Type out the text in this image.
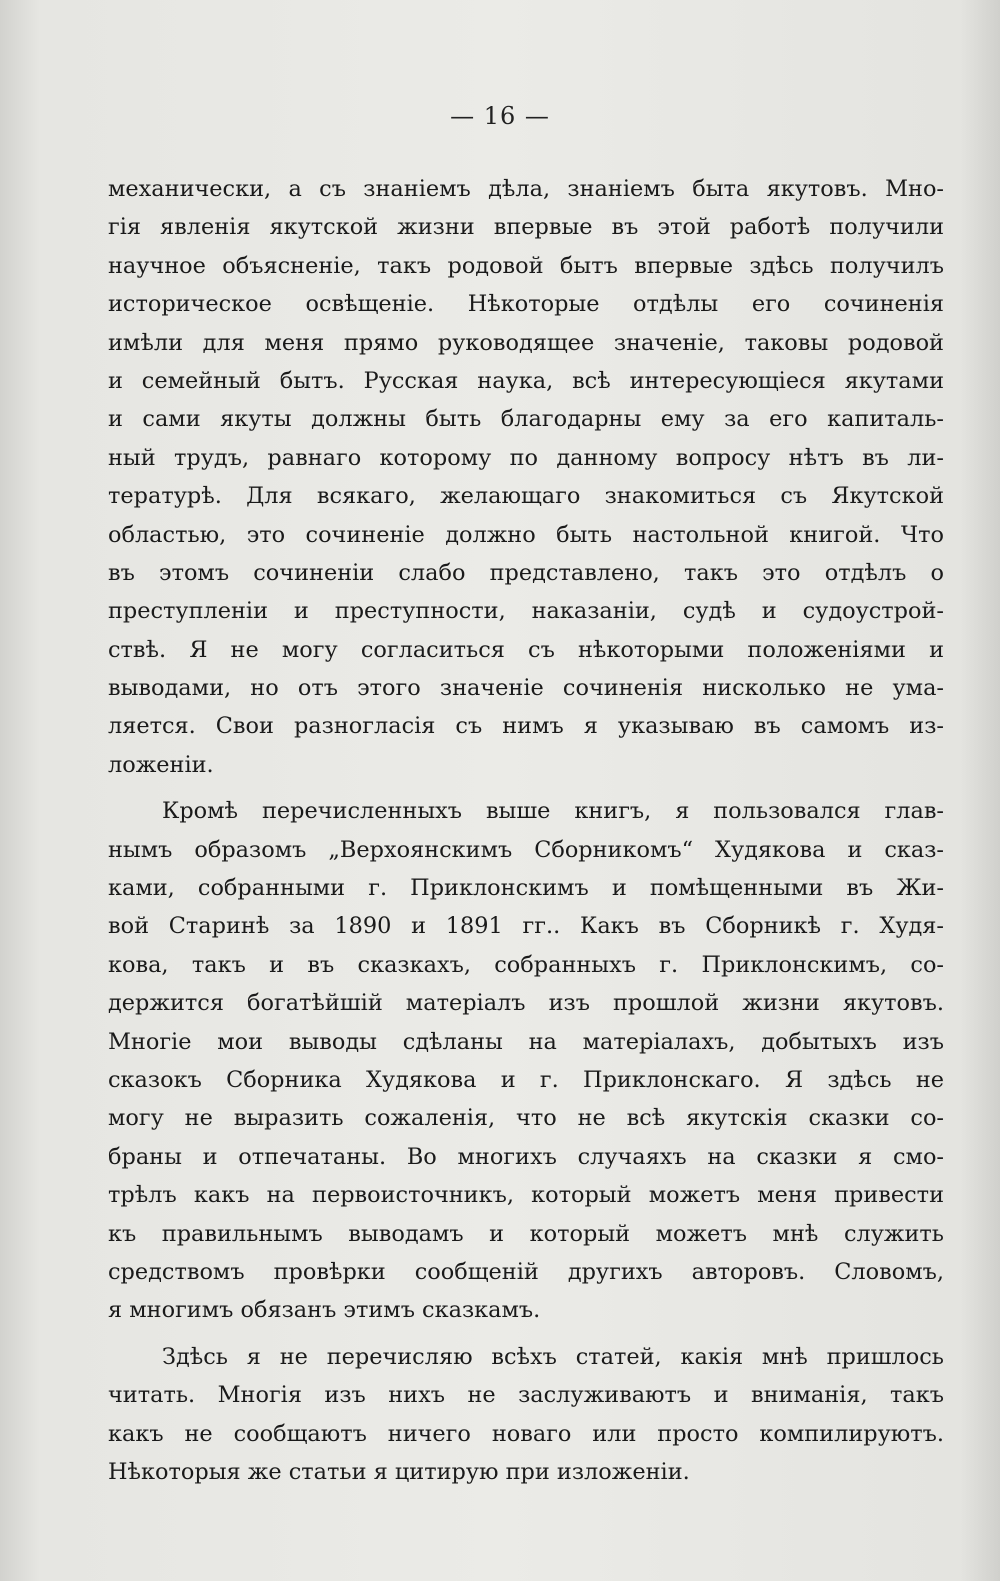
— 16 —
механически, а съ знаніемъ дѣла, знаніемъ быта якутовъ. Мно-
гія явленія якутской жизни впервые въ этой работѣ получили
научное объясненіе, такъ родовой бытъ впервые здѣсь получилъ
историческое освѣщеніе. Нѣкоторые отдѣлы его сочиненія
имѣли для меня прямо руководящее значеніе, таковы родовой
и семейный бытъ. Русская наука, всѣ интересующіеся якутами
и сами якуты должны быть благодарны ему за его капиталь-
ный трудъ, равнаго которому по данному вопросу нѣтъ въ ли-
тературѣ. Для всякаго, желающаго знакомиться съ Якутской
областью, это сочиненіе должно быть настольной книгой. Что
въ этомъ сочиненіи слабо представлено, такъ это отдѣлъ о
преступленіи и преступности, наказаніи, судѣ и судоустрой-
ствѣ. Я не могу согласиться съ нѣкоторыми положеніями и
выводами, но отъ этого значеніе сочиненія нисколько не ума-
ляется. Свои разногласія съ нимъ я указываю въ самомъ из-
ложеніи.
Кромѣ перечисленныхъ выше книгъ, я пользовался глав-
нымъ образомъ „Верхоянскимъ Сборникомъ“ Худякова и сказ-
ками, собранными г. Приклонскимъ и помѣщенными въ Жи-
вой Старинѣ за 1890 и 1891 гг.. Какъ въ Сборникѣ г. Худя-
кова, такъ и въ сказкахъ, собранныхъ г. Приклонскимъ, со-
держится богатѣйшій матеріалъ изъ прошлой жизни якутовъ.
Многіе мои выводы сдѣланы на матеріалахъ, добытыхъ изъ
сказокъ Сборника Худякова и г. Приклонскаго. Я здѣсь не
могу не выразить сожаленія, что не всѣ якутскія сказки со-
браны и отпечатаны. Во многихъ случаяхъ на сказки я смо-
трѣлъ какъ на первоисточникъ, который можетъ меня привести
къ правильнымъ выводамъ и который можетъ мнѣ служить
средствомъ провѣрки сообщеній другихъ авторовъ. Словомъ,
я многимъ обязанъ этимъ сказкамъ.
Здѣсь я не перечисляю всѣхъ статей, какія мнѣ пришлось
читать. Многія изъ нихъ не заслуживаютъ и вниманія, такъ
какъ не сообщаютъ ничего новаго или просто компилируютъ.
Нѣкоторыя же статьи я цитирую при изложеніи.
